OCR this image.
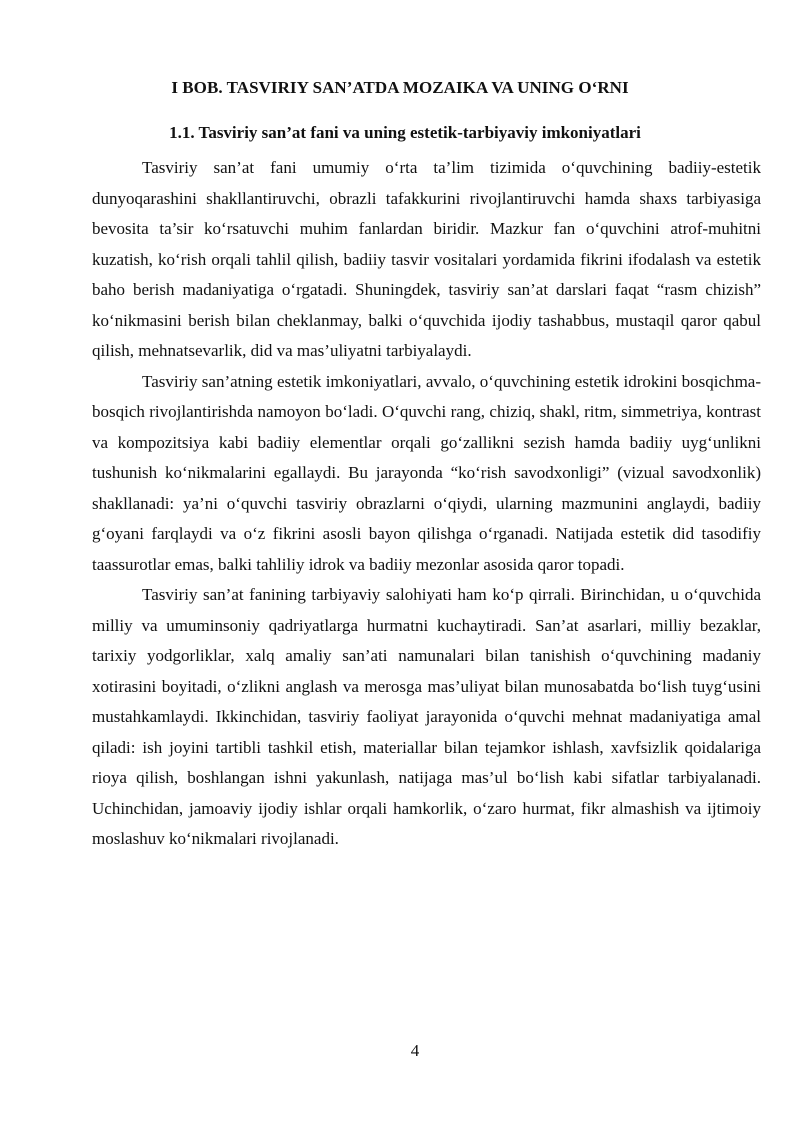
I BOB. TASVIRIY SAN’ATDA MOZAIKA VA UNING O‘RNI
1.1. Tasviriy san’at fani va uning estetik-tarbiyaviy imkoniyatlari

Tasviriy san’at fani umumiy o‘rta ta’lim tizimida o‘quvchining badiiy-estetik dunyoqarashini shakllantiruvchi, obrazli tafakkurini rivojlantiruvchi hamda shaxs tarbiyasiga bevosita ta’sir ko‘rsatuvchi muhim fanlardan biridir. Mazkur fan o‘quvchini atrof-muhitni kuzatish, ko‘rish orqali tahlil qilish, badiiy tasvir vositalari yordamida fikrini ifodalash va estetik baho berish madaniyatiga o‘rgatadi. Shuningdek, tasviriy san’at darslari faqat “rasm chizish” ko‘nikmasini berish bilan cheklanmay, balki o‘quvchida ijodiy tashabbus, mustaqil qaror qabul qilish, mehnatsevarlik, did va mas’uliyatni tarbiyalaydi.

Tasviriy san’atning estetik imkoniyatlari, avvalo, o‘quvchining estetik idrokini bosqichma-bosqich rivojlantirishda namoyon bo‘ladi. O‘quvchi rang, chiziq, shakl, ritm, simmetriya, kontrast va kompozitsiya kabi badiiy elementlar orqali go‘zallikni sezish hamda badiiy uyg‘unlikni tushunish ko‘nikmalarini egallaydi. Bu jarayonda “ko‘rish savodxonligi” (vizual savodxonlik) shakllanadi: ya’ni o‘quvchi tasviriy obrazlarni o‘qiydi, ularning mazmunini anglaydi, badiiy g‘oyani farqlaydi va o‘z fikrini asosli bayon qilishga o‘rganadi. Natijada estetik did tasodifiy taassurotlar emas, balki tahliliy idrok va badiiy mezonlar asosida qaror topadi.

Tasviriy san’at fanining tarbiyaviy salohiyati ham ko‘p qirrali. Birinchidan, u o‘quvchida milliy va umuminsoniy qadriyatlarga hurmatni kuchaytiradi. San’at asarlari, milliy bezaklar, tarixiy yodgorliklar, xalq amaliy san’ati namunalari bilan tanishish o‘quvchining madaniy xotirasini boyitadi, o‘zlikni anglash va merosga mas’uliyat bilan munosabatda bo‘lish tuyg‘usini mustahkamlaydi. Ikkinchidan, tasviriy faoliyat jarayonida o‘quvchi mehnat madaniyatiga amal qiladi: ish joyini tartibli tashkil etish, materiallar bilan tejamkor ishlash, xavfsizlik qoidalariga rioya qilish, boshlangan ishni yakunlash, natijaga mas’ul bo‘lish kabi sifatlar tarbiyalanadi. Uchinchidan, jamoaviy ijodiy ishlar orqali hamkorlik, o‘zaro hurmat, fikr almashish va ijtimoiy moslashuv ko‘nikmalari rivojlanadi.

4
